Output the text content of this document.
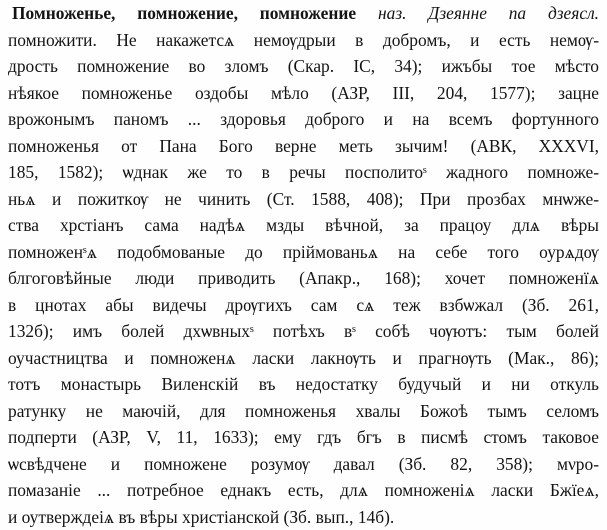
Помноженье, помножение, помножение наз. Дзеянне па дзеясл.
помножити. Не накажетсѧ немѹдрыи в добромъ, и есть немѹ-
дрость помножение во зломъ (Скар. IC, 34); ижъбы тое мѣсто
нѣякое помноженье оздобы мѣло (АЗР, III, 204, 1577); зацне
врожонымъ паномъ ... здоровья доброго и на всемъ фортунного
помноженья от Пана Бого верне меть зычим! (АВК, XXXVI,
185, 1582); ѡднак же то в речы посполитоˢ жадного помноже-
ньѧ и пожиткѹ не чинить (Ст. 1588, 408); При прозбах мнѡже-
ства хрстіанъ сама надѣѧ мзды вѣчной, за працоу длѧ вѣры
помноженˢѧ подобмованые до пріймованьѧ на себе того оурѧдѹ
блгоговѣйные люди приводить (Апакр., 168); хочет помноженїѧ
в цнотах абы видечы дрѹгихъ сам сѧ теж взбѡжал (Зб. 261,
132б); имъ болей дхѡвныхˢ потѣхъ вˢ собѣ чѹютъ: тым болей
оучастництва и помноженѧ ласки лакнѹть и прагнѹть (Мак., 86);
тотъ монастырь Виленскій въ недостатку будучый и ни откуль
ратунку не маючій, для помноженья хвалы Божоѣ тымъ селомъ
подперти (АЗР, V, 11, 1633); ему гдъ бгъ в писмѣ стомъ таковое
ѡсвѣдчене и помножене розумѹ давал (Зб. 82, 358); мνро-
помазаніе ... потребное еднакъ есть, длѧ помноженіѧ ласки Бжїеѧ,
и оутверждеіѧ въ вѣры христіанской (Зб. вып., 14б).
